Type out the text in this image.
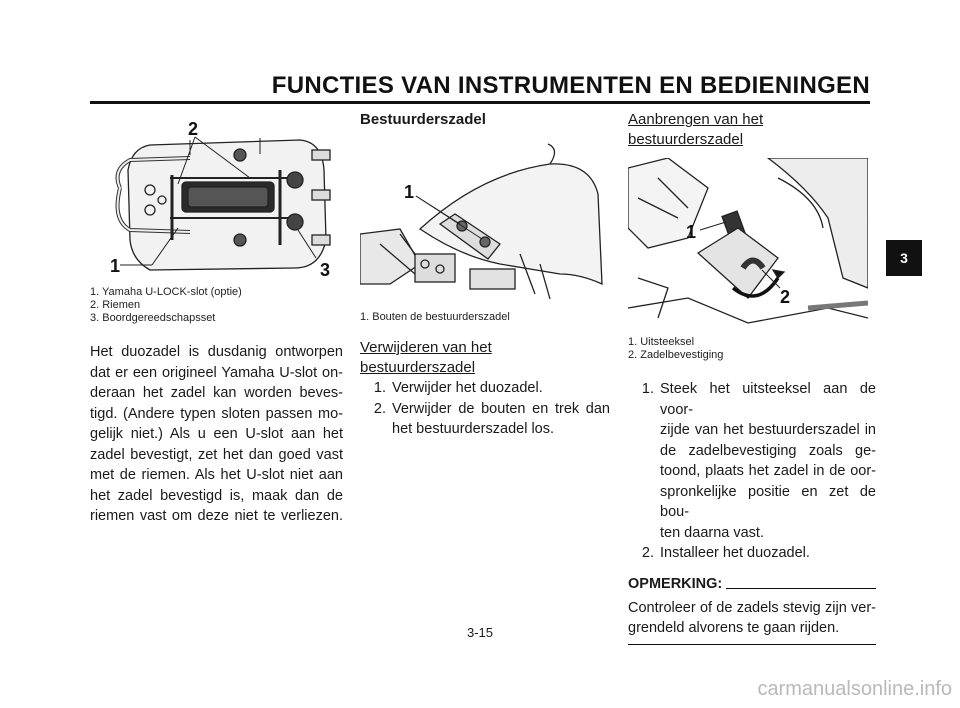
FUNCTIES VAN INSTRUMENTEN EN BEDIENINGEN
3
2
1	3
1. Yamaha U-LOCK-slot (optie)
2. Riemen
3. Boordgereedschapsset
Het duozadel is dusdanig ontworpen
dat er een origineel Yamaha U-slot on-
deraan het zadel kan worden beves-
tigd. (Andere typen sloten passen mo-
gelijk niet.) Als u een U-slot aan het
zadel bevestigt, zet het dan goed vast
met de riemen. Als het U-slot niet aan
het zadel bevestigd is, maak dan de
riemen vast om deze niet te verliezen.
Bestuurderszadel
1
1. Bouten de bestuurderszadel
Verwijderen van het
bestuurderszadel
1. Verwijder het duozadel.
2. Verwijder de bouten en trek dan
het bestuurderszadel los.
Aanbrengen van het
bestuurderszadel
1
2
1. Uitsteeksel
2. Zadelbevestiging
1. Steek het uitsteeksel aan de voor-
zijde van het bestuurderszadel in
de zadelbevestiging zoals ge-
toond, plaats het zadel in de oor-
spronkelijke positie en zet de bou-
ten daarna vast.
2. Installeer het duozadel.
OPMERKING:
Controleer of de zadels stevig zijn ver-
grendeld alvorens te gaan rijden.
3-15
carmanualsonline.info
